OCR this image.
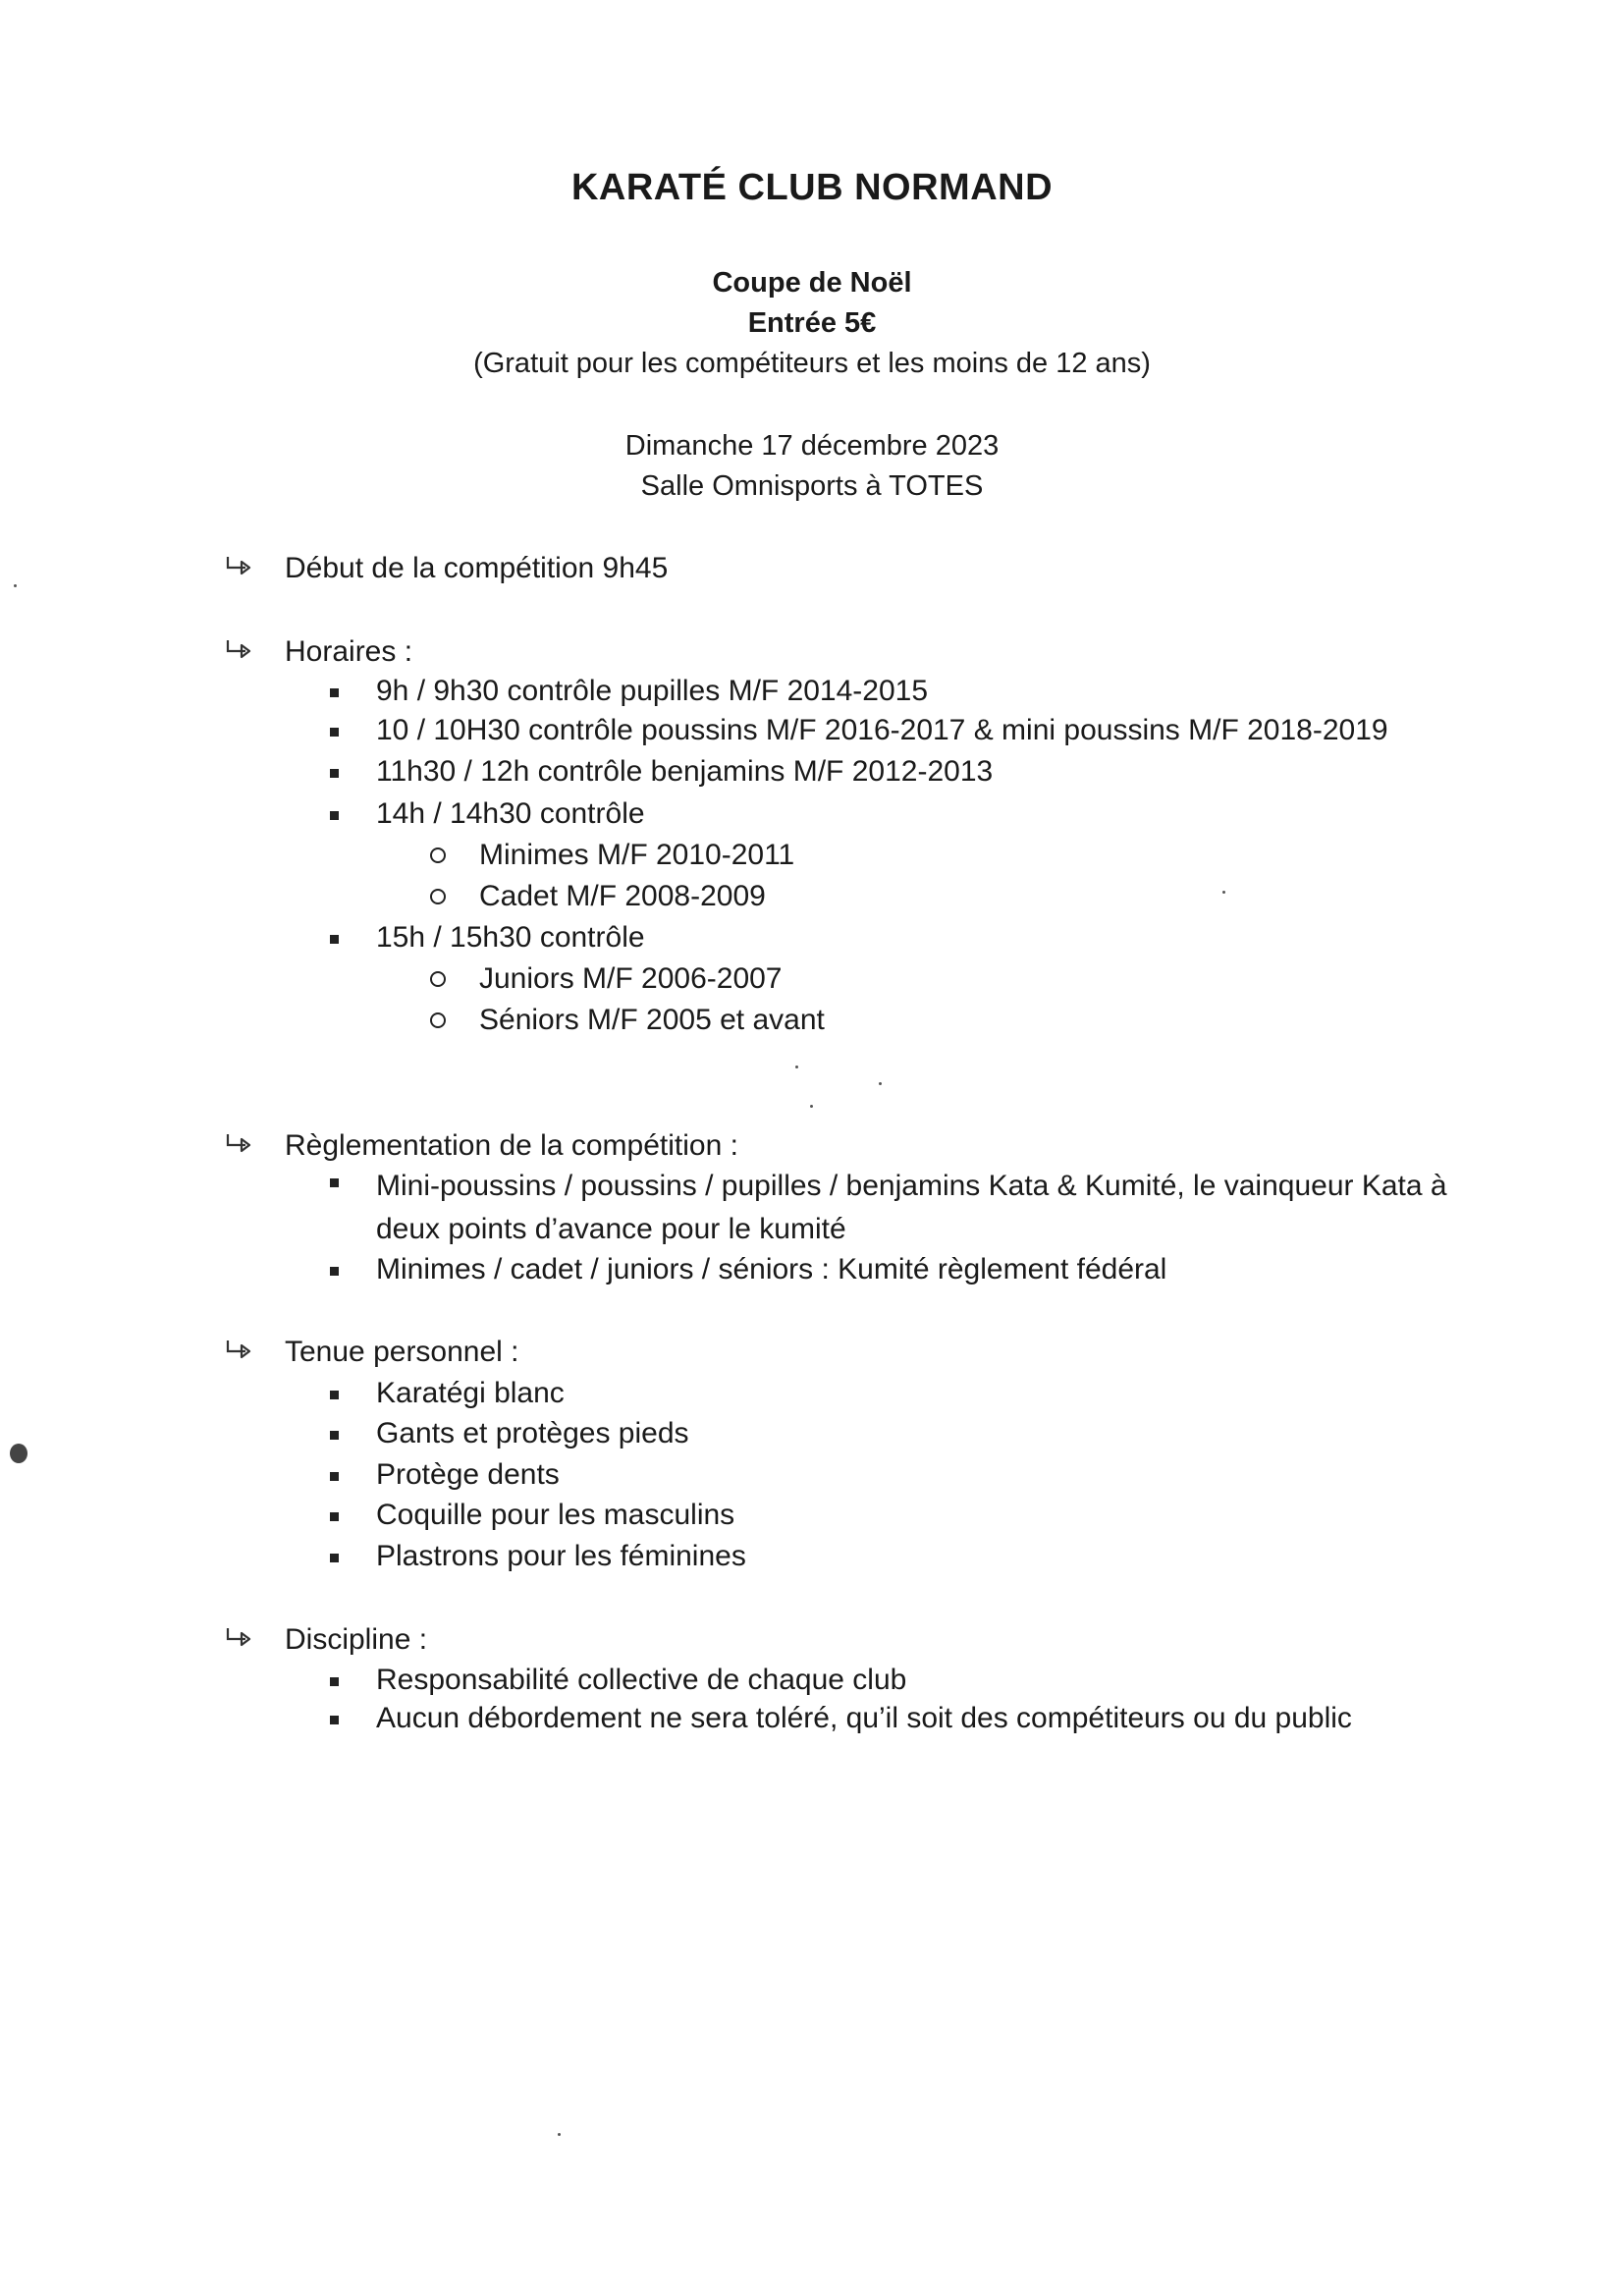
KARATÉ CLUB NORMAND
Coupe de Noël
Entrée 5€
(Gratuit pour les compétiteurs et les moins de 12 ans)
Dimanche 17 décembre 2023
Salle Omnisports à TOTES
Début de la compétition 9h45
Horaires :
9h / 9h30 contrôle pupilles M/F 2014-2015
10 / 10H30 contrôle poussins M/F 2016-2017 & mini poussins M/F 2018-2019
11h30 / 12h contrôle benjamins M/F 2012-2013
14h / 14h30 contrôle
Minimes M/F 2010-2011
Cadet M/F 2008-2009
15h / 15h30 contrôle
Juniors M/F 2006-2007
Séniors M/F 2005 et avant
Règlementation de la compétition :
Mini-poussins / poussins / pupilles / benjamins Kata & Kumité, le vainqueur Kata à deux points d’avance pour le kumité
Minimes / cadet / juniors / séniors : Kumité règlement fédéral
Tenue personnel :
Karatégi blanc
Gants et protèges pieds
Protège dents
Coquille pour les masculins
Plastrons pour les féminines
Discipline :
Responsabilité collective de chaque club
Aucun débordement ne sera toléré, qu’il soit des compétiteurs ou du public
